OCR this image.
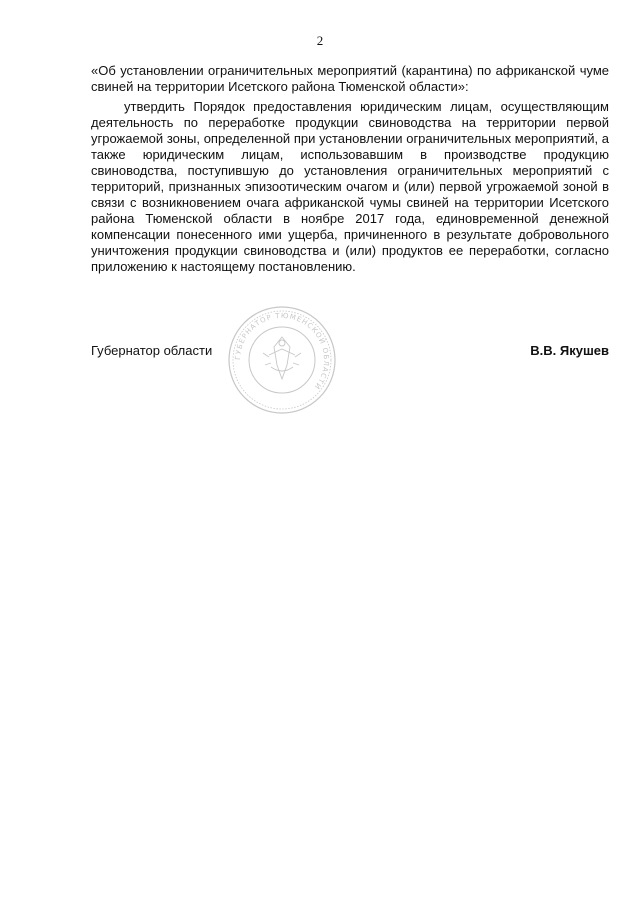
2
«Об установлении ограничительных мероприятий (карантина) по африканской чуме свиней на территории Исетского района Тюменской области»:
утвердить Порядок предоставления юридическим лицам, осуществляющим деятельность по переработке продукции свиноводства на территории первой угрожаемой зоны, определенной при установлении ограничительных мероприятий, а также юридическим лицам, использовавшим в производстве продукцию свиноводства, поступившую до установления ограничительных мероприятий с территорий, признанных эпизоотическим очагом и (или) первой угрожаемой зоной в связи с возникновением очага африканской чумы свиней на территории Исетского района Тюменской области в ноябре 2017 года, единовременной денежной компенсации понесенного ими ущерба, причиненного в результате добровольного уничтожения продукции свиноводства и (или) продуктов ее переработки, согласно приложению к настоящему постановлению.
Губернатор области	В.В. Якушев
ГУБЕРНАТОР ТЮМЕНСКОЙ ОБЛАСТИ
